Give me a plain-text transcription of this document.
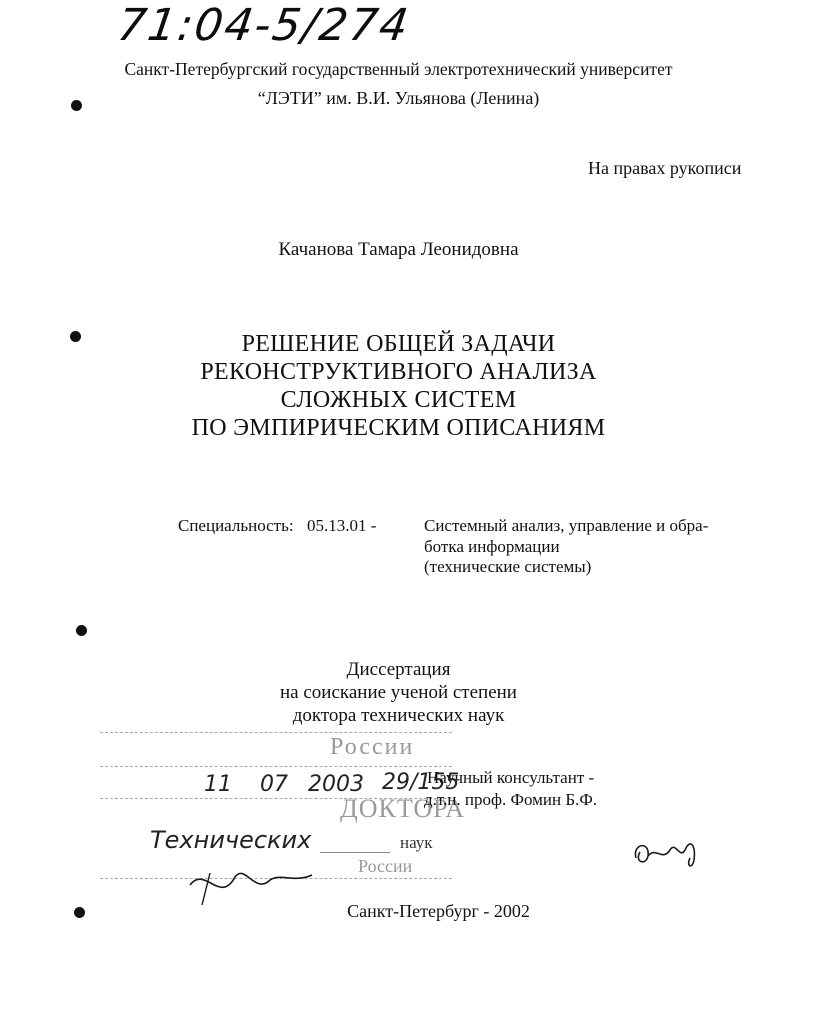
71:04-5/274
Санкт-Петербургский государственный электротехнический университет
“ЛЭТИ” им. В.И. Ульянова (Ленина)
На правах рукописи
Качанова Тамара Леонидовна
РЕШЕНИЕ ОБЩЕЙ ЗАДАЧИ
РЕКОНСТРУКТИВНОГО АНАЛИЗА
СЛОЖНЫХ СИСТЕМ
ПО ЭМПИРИЧЕСКИМ ОПИСАНИЯМ
Специальность: 05.13.01 -	Системный анализ, управление и обра-
ботка информации
(технические системы)
Диссертация
на соискание ученой степени
доктора технических наук
России
11 07 2003 29/155
ДОКТОРА
Технических	наук
России
Научный консультант -
д.т.н. проф. Фомин Б.Ф.
Санкт-Петербург - 2002
